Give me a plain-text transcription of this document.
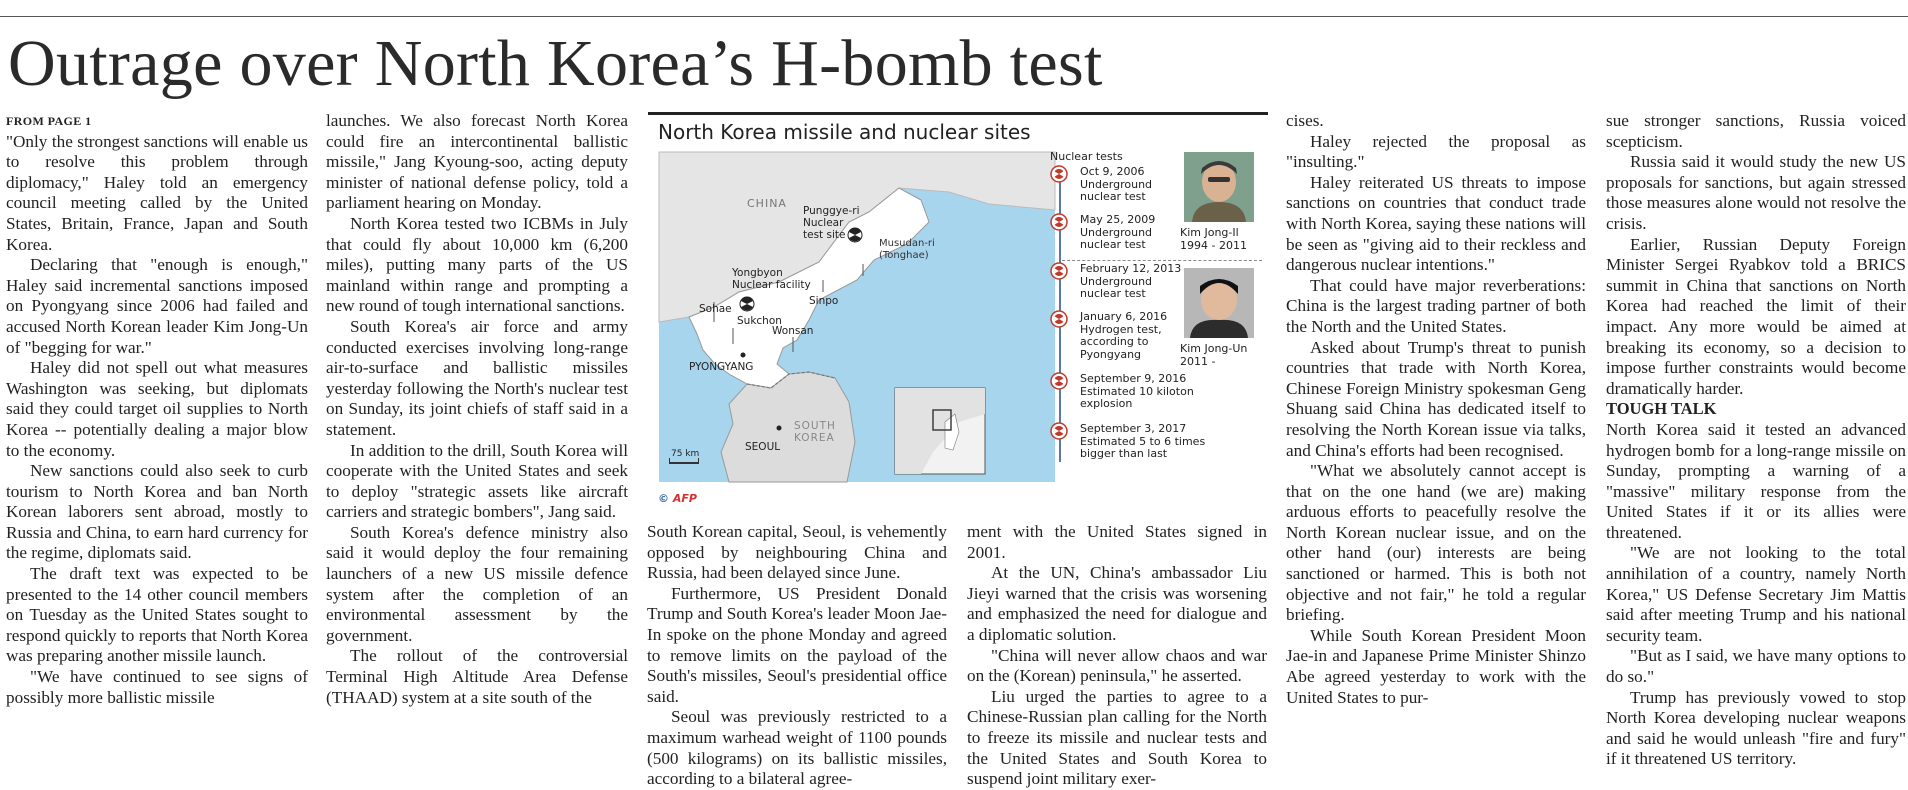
Outrage over North Korea’s H-bomb test

FROM PAGE 1

"Only the strongest sanctions will enable us to resolve this problem through diplomacy," Haley told an emergency council meeting called by the United States, Britain, France, Japan and South Korea.

Declaring that "enough is enough," Haley said incremental sanctions imposed on Pyongyang since 2006 had failed and accused North Korean leader Kim Jong-Un of "begging for war."

Haley did not spell out what measures Washington was seeking, but diplomats said they could target oil supplies to North Korea -- potentially dealing a major blow to the economy.

New sanctions could also seek to curb tourism to North Korea and ban North Korean laborers sent abroad, mostly to Russia and China, to earn hard currency for the regime, diplomats said.

The draft text was expected to be presented to the 14 other council members on Tuesday as the United States sought to respond quickly to reports that North Korea was preparing another missile launch.

"We have continued to see signs of possibly more ballistic missile

launches. We also forecast North Korea could fire an intercontinental ballistic missile," Jang Kyoung-soo, acting deputy minister of national defense policy, told a parliament hearing on Monday.

North Korea tested two ICBMs in July that could fly about 10,000 km (6,200 miles), putting many parts of the US mainland within range and prompting a new round of tough international sanctions.

South Korea's air force and army conducted exercises involving long-range air-to-surface and ballistic missiles yesterday following the North's nuclear test on Sunday, its joint chiefs of staff said in a statement.

In addition to the drill, South Korea will cooperate with the United States and seek to deploy "strategic assets like aircraft carriers and strategic bombers", Jang said.

South Korea's defence ministry also said it would deploy the four remaining launchers of a new US missile defence system after the completion of an environmental assessment by the government.

The rollout of the controversial Terminal High Altitude Area Defense (THAAD) system at a site south of the

North Korea missile and nuclear sites
CHINA
Punggye-ri Nuclear test site
Musudan-ri (Tonghae)
Yongbyon Nuclear facility
Sohae
Sinpo
Sukchon
Wonsan
PYONGYANG
SOUTH KOREA
SEOUL
75 km
Nuclear tests
Oct 9, 2006
Underground
nuclear test
May 25, 2009
Underground
nuclear test
February 12, 2013
Underground
nuclear test
January 6, 2016
Hydrogen test,
according to
Pyongyang
September 9, 2016
Estimated 10 kiloton
explosion
September 3, 2017
Estimated 5 to 6 times
bigger than last
Kim Jong-Il
1994 - 2011
Kim Jong-Un
2011 -
© AFP

South Korean capital, Seoul, is vehemently opposed by neighbouring China and Russia, had been delayed since June.

Furthermore, US President Donald Trump and South Korea's leader Moon Jae-In spoke on the phone Monday and agreed to remove limits on the payload of the South's missiles, Seoul's presidential office said.

Seoul was previously restricted to a maximum warhead weight of 1100 pounds (500 kilograms) on its ballistic missiles, according to a bilateral agree-

ment with the United States signed in 2001.

At the UN, China's ambassador Liu Jieyi warned that the crisis was worsening and emphasized the need for dialogue and a diplomatic solution.

"China will never allow chaos and war on the (Korean) peninsula," he asserted.

Liu urged the parties to agree to a Chinese-Russian plan calling for the North to freeze its missile and nuclear tests and the United States and South Korea to suspend joint military exer-

cises.

Haley rejected the proposal as "insulting."

Haley reiterated US threats to impose sanctions on countries that conduct trade with North Korea, saying these nations will be seen as "giving aid to their reckless and dangerous nuclear intentions."

That could have major reverberations: China is the largest trading partner of both the North and the United States.

Asked about Trump's threat to punish countries that trade with North Korea, Chinese Foreign Ministry spokesman Geng Shuang said China has dedicated itself to resolving the North Korean issue via talks, and China's efforts had been recognised.

"What we absolutely cannot accept is that on the one hand (we are) making arduous efforts to peacefully resolve the North Korean nuclear issue, and on the other hand (our) interests are being sanctioned or harmed. This is both not objective and not fair," he told a regular briefing.

While South Korean President Moon Jae-in and Japanese Prime Minister Shinzo Abe agreed yesterday to work with the United States to pur-

sue stronger sanctions, Russia voiced scepticism.

Russia said it would study the new US proposals for sanctions, but again stressed those measures alone would not resolve the crisis.

Earlier, Russian Deputy Foreign Minister Sergei Ryabkov told a BRICS summit in China that sanctions on North Korea had reached the limit of their impact. Any more would be aimed at breaking its economy, so a decision to impose further constraints would become dramatically harder.

TOUGH TALK

North Korea said it tested an advanced hydrogen bomb for a long-range missile on Sunday, prompting a warning of a "massive" military response from the United States if it or its allies were threatened.

"We are not looking to the total annihilation of a country, namely North Korea," US Defense Secretary Jim Mattis said after meeting Trump and his national security team.

"But as I said, we have many options to do so."

Trump has previously vowed to stop North Korea developing nuclear weapons and said he would unleash "fire and fury" if it threatened US territory.
